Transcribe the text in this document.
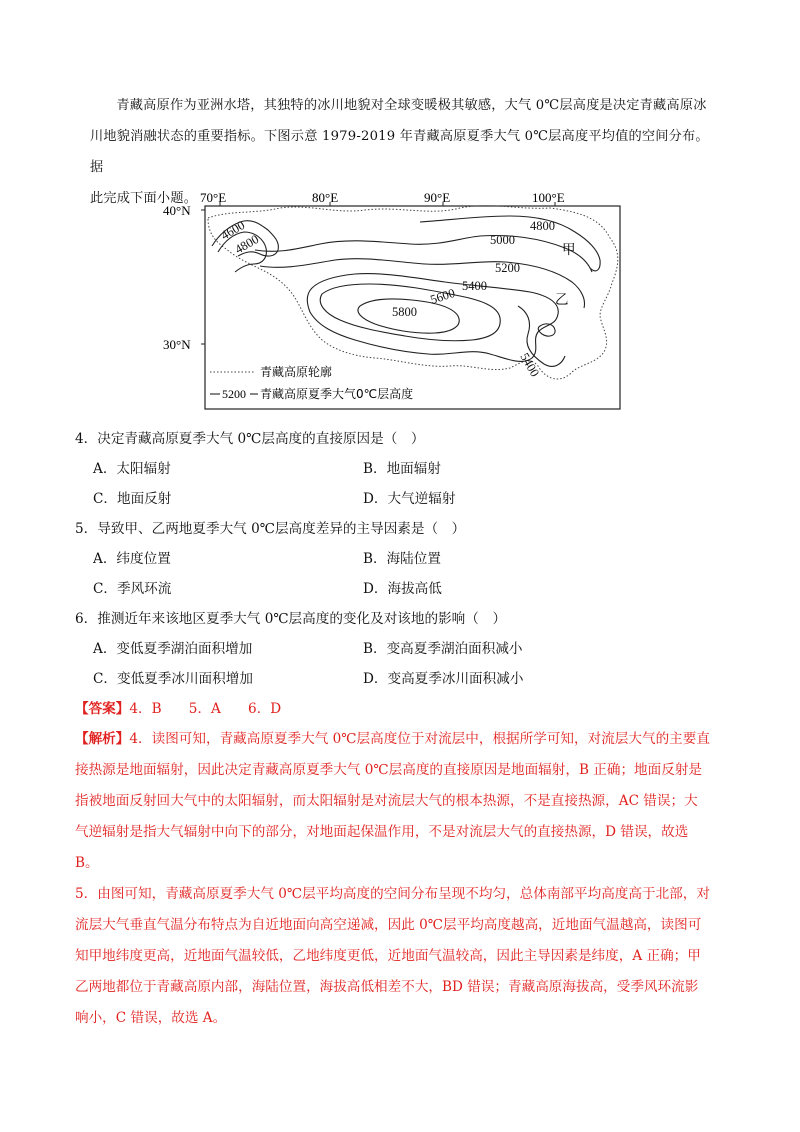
青藏高原作为亚洲水塔，其独特的冰川地貌对全球变暖极其敏感，大气 0℃层高度是决定青藏高原冰

川地貌消融状态的重要指标。下图示意 1979-2019 年青藏高原夏季大气 0℃层高度平均值的空间分布。据
此完成下面小题。 70°E	80°E	90°E	100°E
40°N
30°N
4600
4800
4800
5000
5200
5400
5600
5800
5400
甲
乙
青藏高原轮廓
5200 青藏高原夏季大气0℃层高度
4．决定青藏高原夏季大气 0℃层高度的直接原因是（　）
A．太阳辐射	B．地面辐射
C．地面反射	D．大气逆辐射
5．导致甲、乙两地夏季大气 0℃层高度差异的主导因素是（　）
A．纬度位置	B．海陆位置
C．季风环流	D．海拔高低
6．推测近年来该地区夏季大气 0℃层高度的变化及对该地的影响（　）
A．变低夏季湖泊面积增加	B．变高夏季湖泊面积减小
C．变低夏季冰川面积增加	D．变高夏季冰川面积减小
【答案】4．B　　5．A　　6．D

【解析】4．读图可知，青藏高原夏季大气 0℃层高度位于对流层中，根据所学可知，对流层大气的主要直

接热源是地面辐射，因此决定青藏高原夏季大气 0℃层高度的直接原因是地面辐射，B 正确；地面反射是
指被地面反射回大气中的太阳辐射，而太阳辐射是对流层大气的根本热源，不是直接热源，AC 错误；大
气逆辐射是指大气辐射中向下的部分，对地面起保温作用，不是对流层大气的直接热源，D 错误，故选
B。
5．由图可知，青藏高原夏季大气 0℃层平均高度的空间分布呈现不均匀，总体南部平均高度高于北部，对
流层大气垂直气温分布特点为自近地面向高空递减，因此 0℃层平均高度越高，近地面气温越高，读图可
知甲地纬度更高，近地面气温较低，乙地纬度更低，近地面气温较高，因此主导因素是纬度，A 正确；甲
乙两地都位于青藏高原内部，海陆位置，海拔高低相差不大，BD 错误；青藏高原海拔高，受季风环流影
响小，C 错误，故选 A。
